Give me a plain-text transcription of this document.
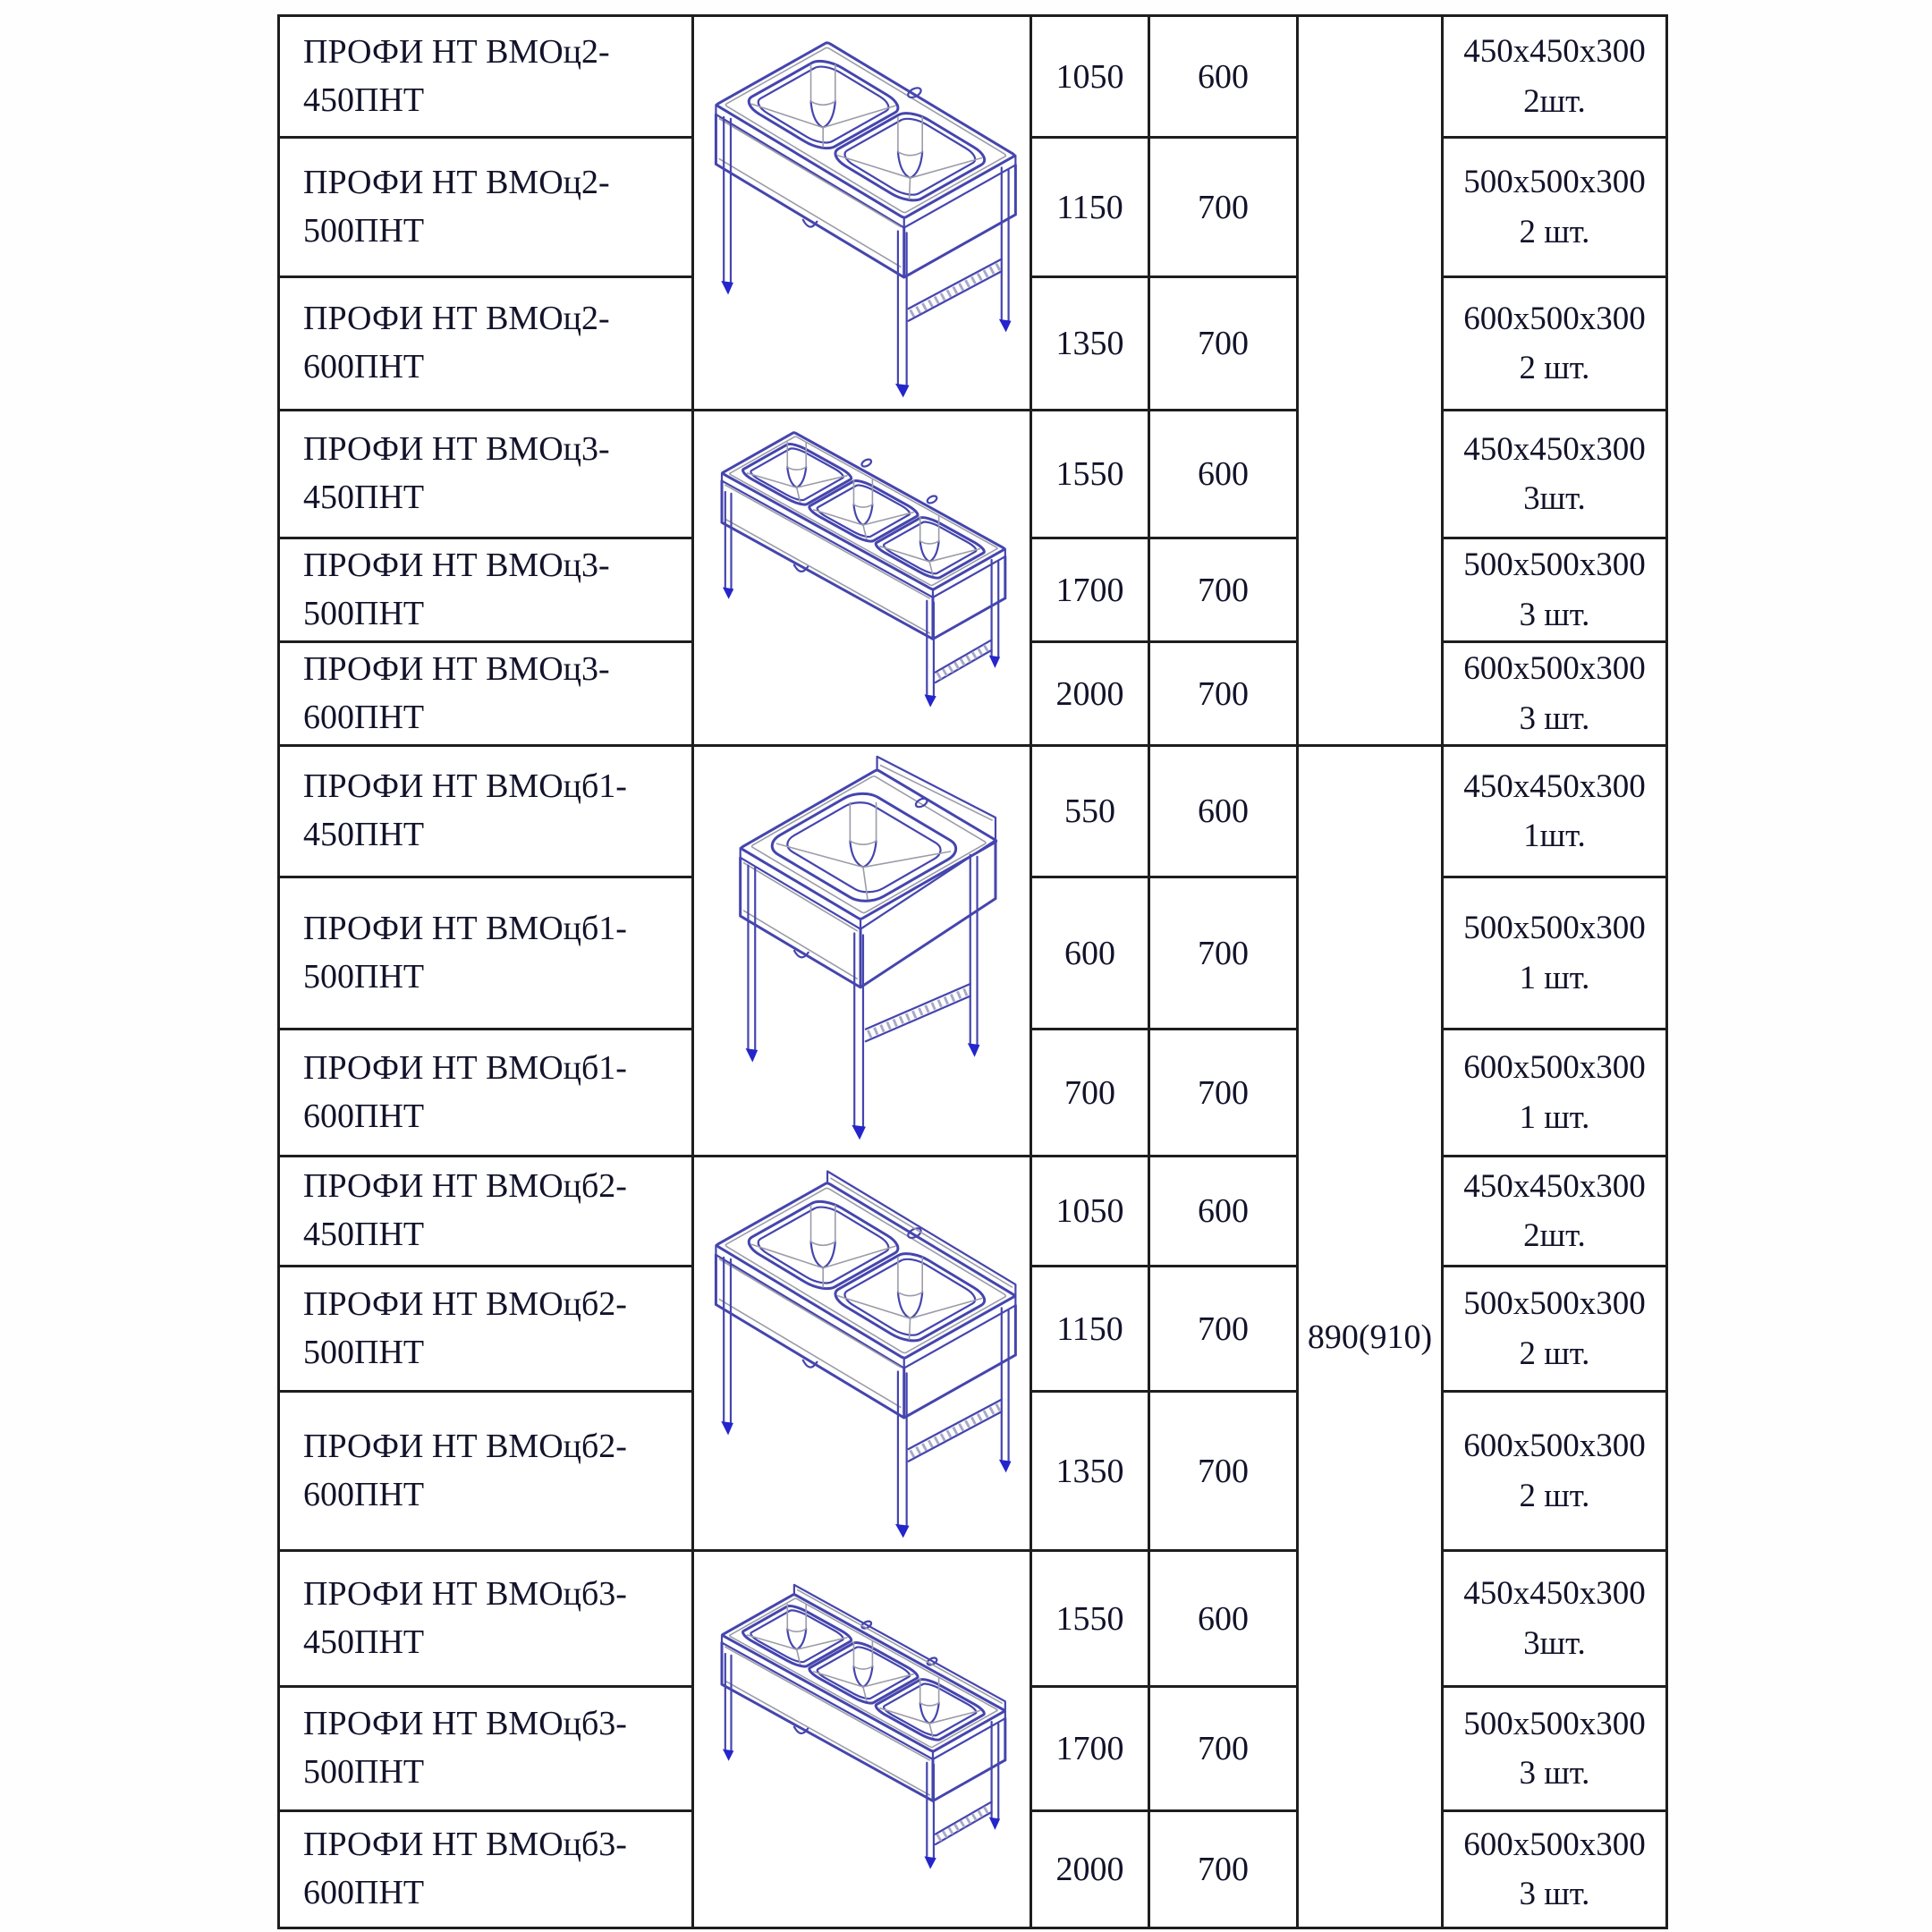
ПРОФИ НТ ВМОц2-
450ПНТ

	1050	600		
450х450х300
2шт.

ПРОФИ НТ ВМОц2-
500ПНТ
	1150	700	
500х500х300
2 шт.

ПРОФИ НТ ВМОц2-
600ПНТ
	1350	700	
600х500х300
2 шт.

ПРОФИ НТ ВМОц3-
450ПНТ

	1550	600	
450х450х300
3шт.

ПРОФИ НТ ВМОц3-
500ПНТ
	1700	700	
500х500х300
3 шт.

ПРОФИ НТ ВМОц3-
600ПНТ
	2000	700	
600х500х300
3 шт.

ПРОФИ НТ ВМОцб1-
450ПНТ

	550	600	890(910)	
450х450х300
1шт.

ПРОФИ НТ ВМОцб1-
500ПНТ
	600	700	
500х500х300
1 шт.

ПРОФИ НТ ВМОцб1-
600ПНТ
	700	700	
600х500х300
1 шт.

ПРОФИ НТ ВМОцб2-
450ПНТ

	1050	600	
450х450х300
2шт.

ПРОФИ НТ ВМОцб2-
500ПНТ
	1150	700	
500х500х300
2 шт.

ПРОФИ НТ ВМОцб2-
600ПНТ
	1350	700	
600х500х300
2 шт.

ПРОФИ НТ ВМОцб3-
450ПНТ

	1550	600	
450х450х300
3шт.

ПРОФИ НТ ВМОцб3-
500ПНТ
	1700	700	
500х500х300
3 шт.

ПРОФИ НТ ВМОцб3-
600ПНТ
	2000	700	
600х500х300
3 шт.
